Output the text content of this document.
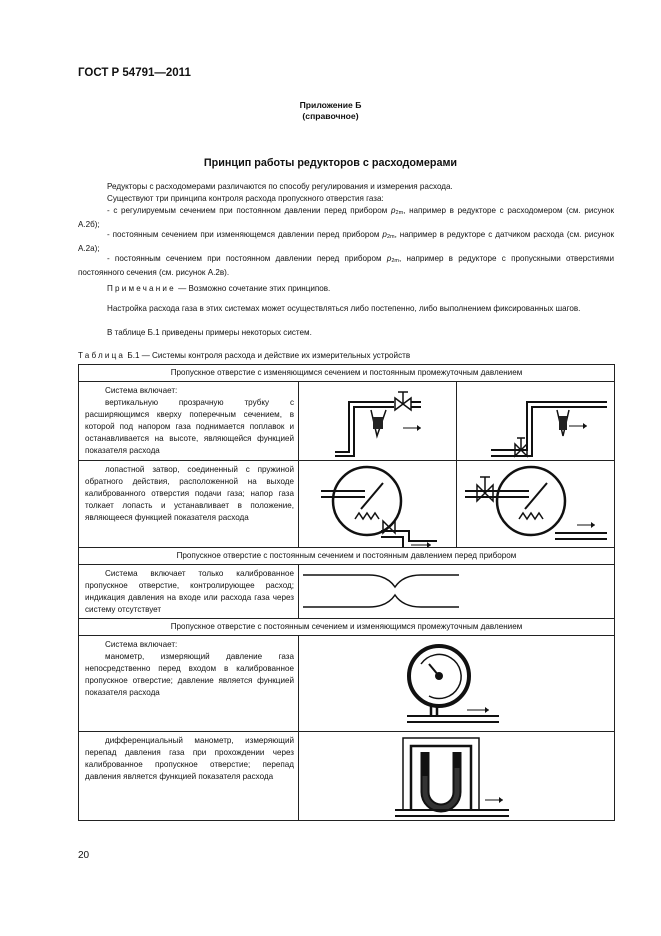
ГОСТ Р 54791—2011
Приложение Б
(справочное)
Принцип работы редукторов с расходомерами
Редукторы с расходомерами различаются по способу регулирования и измерения расхода.
Существуют три принципа контроля расхода пропускного отверстия газа:
- с регулируемым сечением при постоянном давлении перед прибором p2m, например в редукторе с расходомером (см. рисунок А.2б);
- постоянным сечением при изменяющемся давлении перед прибором p2m, например в редукторе с датчиком расхода (см. рисунок А.2а);
- постоянным сечением при постоянном давлении перед прибором p2m, например в редукторе с пропускными отверстиями постоянного сечения (см. рисунок А.2в).
Примечание — Возможно сочетание этих принципов.
Настройка расхода газа в этих системах может осуществляться либо постепенно, либо выполнением фиксированных шагов.
В таблице Б.1 приведены примеры некоторых систем.
Таблица Б.1 — Системы контроля расхода и действие их измерительных устройств
Пропускное отверстие с изменяющимся сечением и постоянным промежуточным давлением		

Система включает:
вертикальную прозрачную трубку с расширяющимся кверху поперечным сечением, в которой под напором газа поднимается поплавок и останавливается на высоте, являющейся функцией показателя расхода

лопастной затвор, соединенный с пружиной обратного действия, расположенной на выходе калиброванного отверстия подачи газа; напор газа толкает лопасть и устанавливает в положение, являющееся функцией показателя расхода

Пропускное отверстие с постоянным сечением и постоянным давлением перед прибором		

Система включает только калиброванное пропускное отверстие, контролирующее расход; индикация давления на входе или расхода газа через систему отсутствует

Пропускное отверстие с постоянным сечением и изменяющимся промежуточным давлением		

Система включает:
манометр, измеряющий давление газа непосредственно перед входом в калиброванное пропускное отверстие; давление является функцией показателя расхода

дифференциальный манометр, измеряющий перепад давления газа при прохождении через калиброванное пропускное отверстие; перепад давления является функцией показателя расхода

20
